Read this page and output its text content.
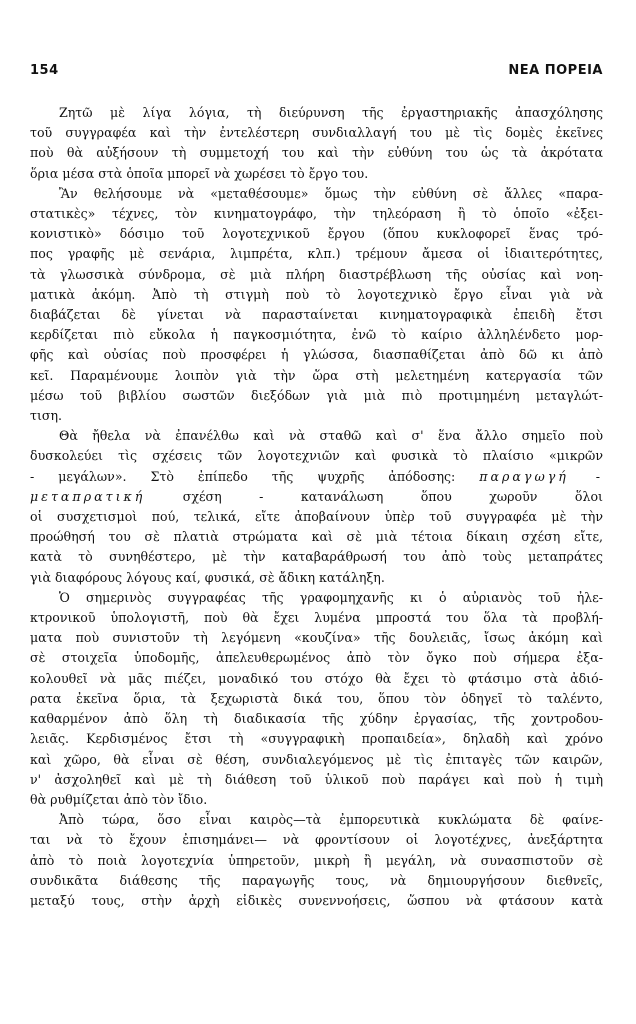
154	ΝΕΑ ΠΟΡΕΙΑ

Ζητῶ μὲ λίγα λόγια, τὴ διεύρυνση τῆς ἐργαστηριακῆς ἀπασχόλησης

τοῦ συγγραφέα καὶ τὴν ἐντελέστερη συνδιαλλαγή του μὲ τὶς δομὲς ἐκεῖνες

ποὺ θὰ αὐξήσουν τὴ συμμετοχή του καὶ τὴν εὐθύνη του ὡς τὰ ἀκρότατα

ὅρια μέσα στὰ ὁποῖα μπορεῖ νὰ χωρέσει τὸ ἔργο του.

Ἂν θελήσουμε νὰ «μεταθέσουμε» ὅμως τὴν εὐθύνη σὲ ἄλλες «παρα-

στατικὲς» τέχνες, τὸν κινηματογράφο, τὴν τηλεόραση ἢ τὸ ὁποῖο «ἐξει-

κονιστικὸ» δόσιμο τοῦ λογοτεχνικοῦ ἔργου (ὅπου κυκλοφορεῖ ἕνας τρό-

πος γραφῆς μὲ σενάρια, λιμπρέτα, κλπ.) τρέμουν ἄμεσα οἱ ἰδιαιτερότητες,

τὰ γλωσσικὰ σύνδρομα, σὲ μιὰ πλήρη διαστρέβλωση τῆς οὐσίας καὶ νοη-

ματικὰ ἀκόμη. Ἀπὸ τὴ στιγμὴ ποὺ τὸ λογοτεχνικὸ ἔργο εἶναι γιὰ νὰ

διαβάζεται δὲ γίνεται νὰ παρασταίνεται κινηματογραφικὰ ἐπειδὴ ἔτσι

κερδίζεται πιὸ εὔκολα ἡ παγκοσμιότητα, ἐνῶ τὸ καίριο ἀλληλένδετο μορ-

φῆς καὶ οὐσίας ποὺ προσφέρει ἡ γλώσσα, διασπαθίζεται ἀπὸ δῶ κι ἀπὸ

κεῖ. Παραμένουμε λοιπὸν γιὰ τὴν ὥρα στὴ μελετημένη κατεργασία τῶν

μέσω τοῦ βιβλίου σωστῶν διεξόδων γιὰ μιὰ πιὸ προτιμημένη μεταγλώτ-

τιση.

Θὰ ἤθελα νὰ ἐπανέλθω καὶ νὰ σταθῶ καὶ σ' ἕνα ἄλλο σημεῖο ποὺ

δυσκολεύει τὶς σχέσεις τῶν λογοτεχνιῶν καὶ φυσικὰ τὸ πλαίσιο «μικρῶν

- μεγάλων». Στὸ ἐπίπεδο τῆς ψυχρῆς ἀπόδοσης: παραγωγή -

μεταπρατική	σχέση - κατανάλωση ὅπου χωροῦν ὅλοι

οἱ συσχετισμοὶ πού, τελικά, εἴτε ἀποβαίνουν ὑπὲρ τοῦ συγγραφέα μὲ τὴν

προώθησή του σὲ πλατιὰ στρώματα καὶ σὲ μιὰ τέτοια δίκαιη σχέση εἴτε,

κατὰ τὸ συνηθέστερο, μὲ τὴν καταβαράθρωσή του ἀπὸ τοὺς μεταπράτες

γιὰ διαφόρους λόγους καί, φυσικά, σὲ ἄδικη κατάληξη.

Ὁ σημερινὸς συγγραφέας τῆς γραφομηχανῆς κι ὁ αὐριανὸς τοῦ ἠλε-

κτρονικοῦ ὑπολογιστῆ, ποὺ θὰ ἔχει λυμένα μπροστά του ὅλα τὰ προβλή-

ματα ποὺ συνιστοῦν τὴ λεγόμενη «κουζίνα» τῆς δουλειᾶς, ἴσως ἀκόμη καὶ

σὲ στοιχεῖα ὑποδομῆς, ἀπελευθερωμένος ἀπὸ τὸν ὄγκο ποὺ σήμερα ἐξα-

κολουθεῖ νὰ μᾶς πιέζει, μοναδικό του στόχο θὰ ἔχει τὸ φτάσιμο στὰ ἀδιό-

ρατα ἐκεῖνα ὅρια, τὰ ξεχωριστὰ δικά του, ὅπου τὸν ὁδηγεῖ τὸ ταλέντο,

καθαρμένον ἀπὸ ὅλη τὴ διαδικασία τῆς χύδην ἐργασίας, τῆς χοντροδου-

λειᾶς. Κερδισμένος ἔτσι τὴ «συγγραφικὴ προπαιδεία», δηλαδὴ καὶ χρόνο

καὶ χῶρο, θὰ εἶναι σὲ θέση, συνδιαλεγόμενος μὲ τὶς ἐπιταγὲς τῶν καιρῶν,

ν' ἀσχοληθεῖ καὶ μὲ τὴ διάθεση τοῦ ὑλικοῦ ποὺ παράγει καὶ ποὺ ἡ τιμὴ

θὰ ρυθμίζεται ἀπὸ τὸν ἴδιο.

Ἀπὸ τώρα, ὅσο εἶναι καιρὸς—τὰ ἐμπορευτικὰ κυκλώματα δὲ φαίνε-

ται νὰ τὸ ἔχουν ἐπισημάνει— νὰ φροντίσουν οἱ λογοτέχνες, ἀνεξάρτητα

ἀπὸ τὸ ποιὰ λογοτεχνία ὑπηρετοῦν, μικρὴ ἢ μεγάλη, νὰ συνασπιστοῦν σὲ

συνδικᾶτα διάθεσης τῆς παραγωγῆς τους, νὰ δημιουργήσουν διεθνεῖς,

μεταξύ τους, στὴν ἀρχὴ εἰδικὲς συνεννοήσεις, ὥσπου νὰ φτάσουν κατὰ
